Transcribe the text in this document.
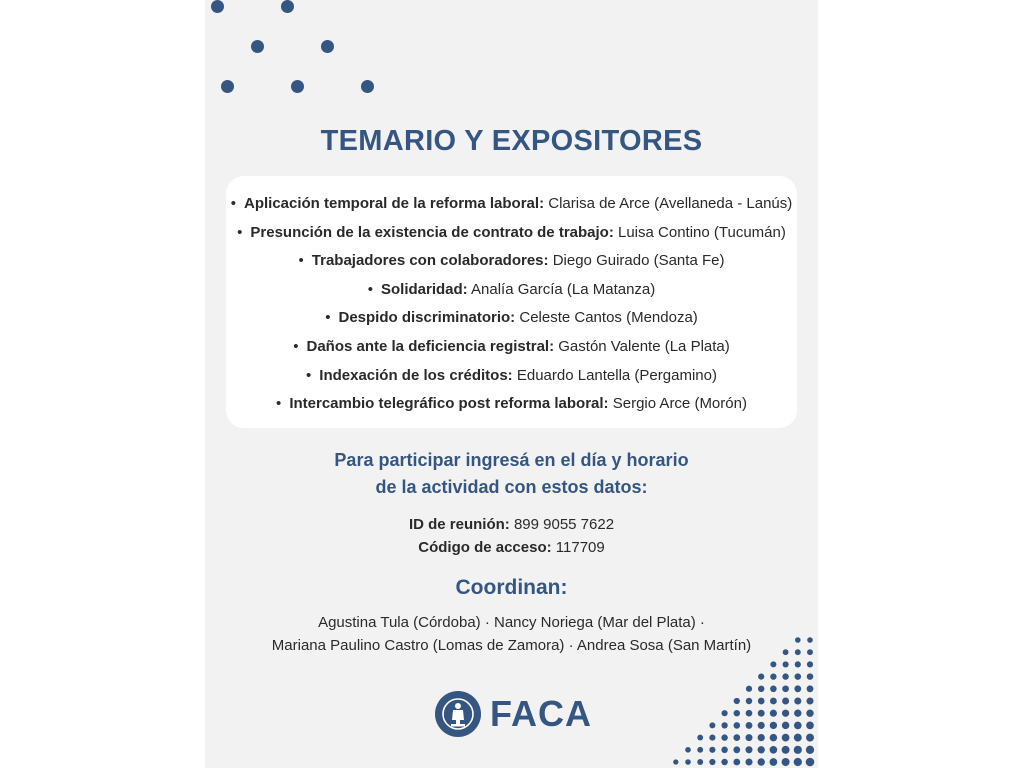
TEMARIO Y EXPOSITORES
• Aplicación temporal de la reforma laboral: Clarisa de Arce (Avellaneda - Lanús)
• Presunción de la existencia de contrato de trabajo: Luisa Contino (Tucumán)
• Trabajadores con colaboradores: Diego Guirado (Santa Fe)
• Solidaridad: Analía García (La Matanza)
• Despido discriminatorio: Celeste Cantos (Mendoza)
• Daños ante la deficiencia registral: Gastón Valente (La Plata)
• Indexación de los créditos: Eduardo Lantella (Pergamino)
• Intercambio telegráfico post reforma laboral: Sergio Arce (Morón)
Para participar ingresá en el día y horario
de la actividad con estos datos:
ID de reunión: 899 9055 7622
Código de acceso: 117709
Coordinan:
Agustina Tula (Córdoba) · Nancy Noriega (Mar del Plata) ·
Mariana Paulino Castro (Lomas de Zamora) · Andrea Sosa (San Martín)
FACA
